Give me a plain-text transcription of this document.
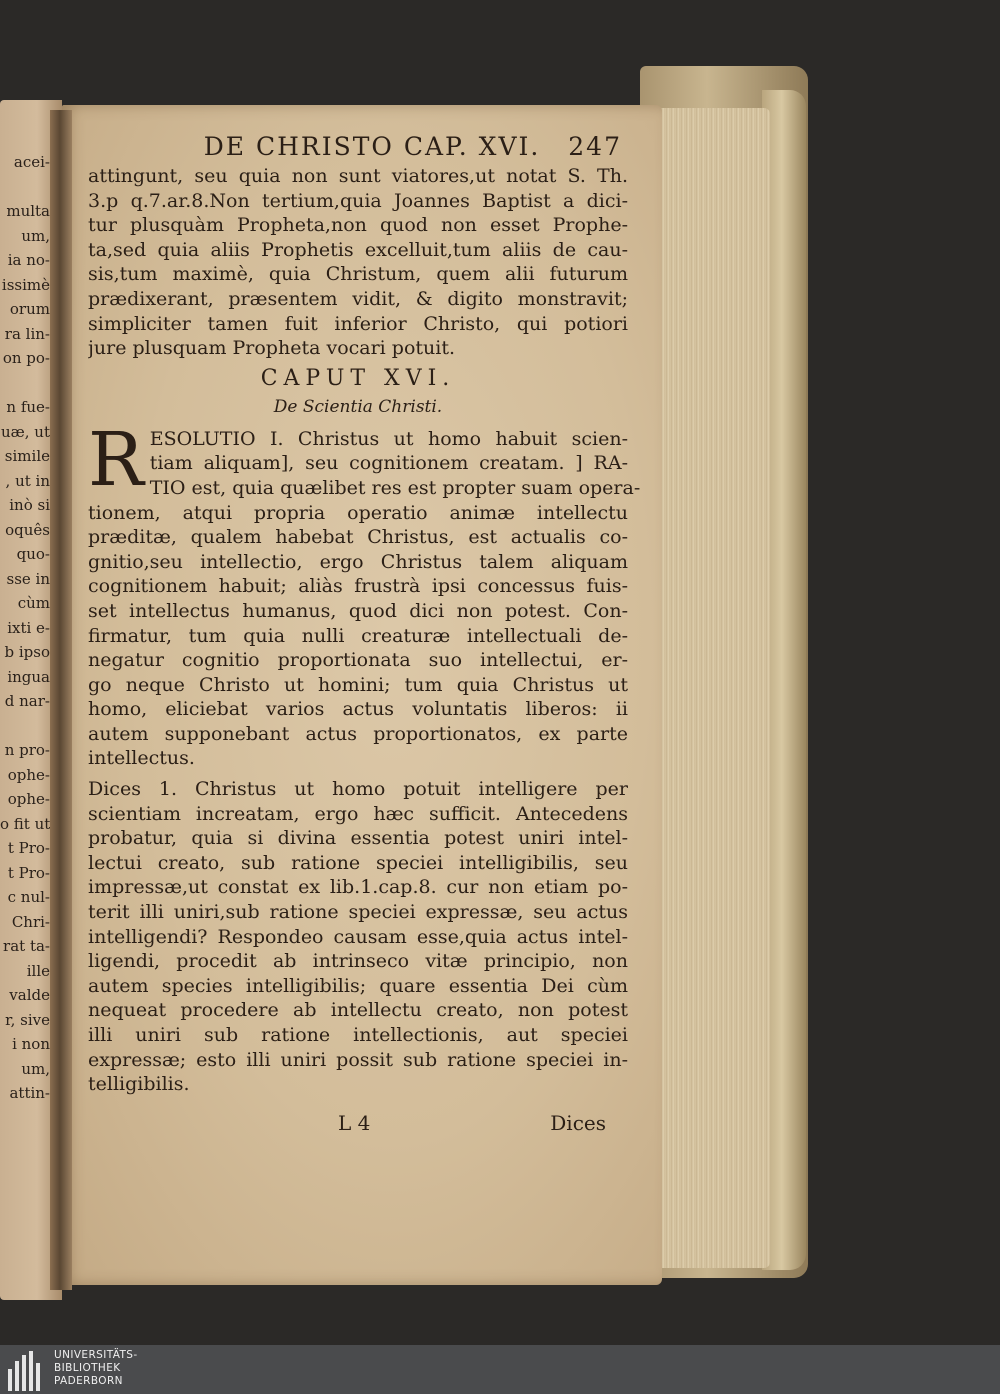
acei-

multa
um,
ia no-
issimè
orum
ra lin-
on po-

n fue-
uæ, ut
simile
, ut in
inò si
oquês
quo-
sse in
cùm
ixti e-
b ipso
ingua
d nar-

n pro-
ophe-
ophe-
o fit ut
t Pro-
t Pro-
c nul-
Chri-
rat ta-
ille
valde
r, sive
i non
um,
attin-
DE CHRISTO CAP. XVI. 247
attingunt, seu quia non sunt viatores,ut notat S. Th.
3.p q.7.ar.8.Non tertium,quia Joannes Baptist a dici-
tur plusquàm Propheta,non quod non esset Prophe-
ta,sed quia aliis Prophetis excelluit,tum aliis de cau-
sis,tum maximè, quia Christum, quem alii futurum
prædixerant, præsentem vidit, & digito monstravit;
simpliciter tamen fuit inferior Christo, qui potiori
jure plusquam Propheta vocari potuit.
CAPUT XVI.
De Scientia Christi.
R ESOLUTIO I. Christus ut homo habuit scien-
tiam aliquam], seu cognitionem creatam. ] RA-
TIO est, quia quælibet res est propter suam opera-
tionem, atqui propria operatio animæ intellectu
præditæ, qualem habebat Christus, est actualis co-
gnitio,seu intellectio, ergo Christus talem aliquam
cognitionem habuit; aliàs frustrà ipsi concessus fuis-
set intellectus humanus, quod dici non potest. Con-
firmatur, tum quia nulli creaturæ intellectuali de-
negatur cognitio proportionata suo intellectui, er-
go neque Christo ut homini; tum quia Christus ut
homo, eliciebat varios actus voluntatis liberos: ii
autem supponebant actus proportionatos, ex parte
intellectus.
Dices 1. Christus ut homo potuit intelligere per
scientiam increatam, ergo hæc sufficit. Antecedens
probatur, quia si divina essentia potest uniri intel-
lectui creato, sub ratione speciei intelligibilis, seu
impressæ,ut constat ex lib.1.cap.8. cur non etiam po-
terit illi uniri,sub ratione speciei expressæ, seu actus
intelligendi? Respondeo causam esse,quia actus intel-
ligendi, procedit ab intrinseco vitæ principio, non
autem species intelligibilis; quare essentia Dei cùm
nequeat procedere ab intellectu creato, non potest
illi uniri sub ratione intellectionis, aut speciei
expressæ; esto illi uniri possit sub ratione speciei in-
telligibilis.
L 4	Dices
UNIVERSITÄTS-
BIBLIOTHEK
PADERBORN
